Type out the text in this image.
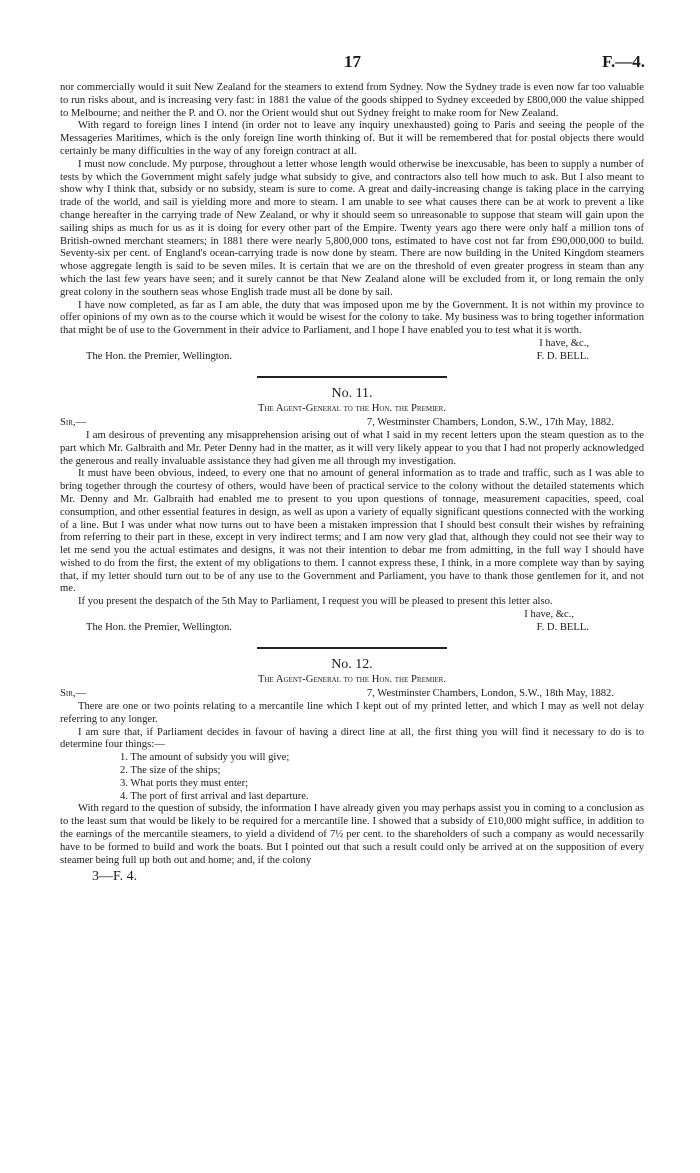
17	F.—4.

nor commercially would it suit New Zealand for the steamers to extend from Sydney. Now the Sydney trade is even now far too valuable to run risks about, and is increasing very fast: in 1881 the value of the goods shipped to Sydney exceeded by £800,000 the value shipped to Melbourne; and neither the P. and O. nor the Orient would shut out Sydney freight to make room for New Zealand.

With regard to foreign lines I intend (in order not to leave any inquiry unexhausted) going to Paris and seeing the people of the Messageries Maritimes, which is the only foreign line worth thinking of. But it will be remembered that for postal objects there would certainly be many difficulties in the way of any foreign contract at all.

I must now conclude. My purpose, throughout a letter whose length would otherwise be inexcusable, has been to supply a number of tests by which the Government might safely judge what subsidy to give, and contractors also tell how much to ask. But I also meant to show why I think that, subsidy or no subsidy, steam is sure to come. A great and daily-increasing change is taking place in the carrying trade of the world, and sail is yielding more and more to steam. I am unable to see what causes there can be at work to prevent a like change hereafter in the carrying trade of New Zealand, or why it should seem so unreasonable to suppose that steam will gain upon the sailing ships as much for us as it is doing for every other part of the Empire. Twenty years ago there were only half a million tons of British-owned merchant steamers; in 1881 there were nearly 5,800,000 tons, estimated to have cost not far from £90,000,000 to build. Seventy-six per cent. of England's ocean-carrying trade is now done by steam. There are now building in the United Kingdom steamers whose aggregate length is said to be seven miles. It is certain that we are on the threshold of even greater progress in steam than any which the last few years have seen; and it surely cannot be that New Zealand alone will be excluded from it, or long remain the only great colony in the southern seas whose English trade must all be done by sail.

I have now completed, as far as I am able, the duty that was imposed upon me by the Government. It is not within my province to offer opinions of my own as to the course which it would be wisest for the colony to take. My business was to bring together information that might be of use to the Government in their advice to Parliament, and I hope I have enabled you to test what it is worth.

I have, &c.,
The Hon. the Premier, Wellington.	F. D. BELL.
No. 11.
The Agent-General to the Hon. the Premier.
Sir,—	7, Westminster Chambers, London, S.W., 17th May, 1882.

I am desirous of preventing any misapprehension arising out of what I said in my recent letters upon the steam question as to the part which Mr. Galbraith and Mr. Peter Denny had in the matter, as it will very likely appear to you that I had not properly acknowledged the generous and really invaluable assistance they had given me all through my investigation.

It must have been obvious, indeed, to every one that no amount of general information as to trade and traffic, such as I was able to bring together through the courtesy of others, would have been of practical service to the colony without the detailed statements which Mr. Denny and Mr. Galbraith had enabled me to present to you upon questions of tonnage, measurement capacities, speed, coal consumption, and other essential features in design, as well as upon a variety of equally significant questions connected with the working of a line. But I was under what now turns out to have been a mistaken impression that I should best consult their wishes by refraining from referring to their part in these, except in very indirect terms; and I am now very glad that, although they could not see their way to let me send you the actual estimates and designs, it was not their intention to debar me from admitting, in the full way I should have wished to do from the first, the extent of my obligations to them. I cannot express these, I think, in a more complete way than by saying that, if my letter should turn out to be of any use to the Government and Parliament, you have to thank those gentlemen for it, and not me.

If you present the despatch of the 5th May to Parliament, I request you will be pleased to present this letter also.

I have, &c.,
The Hon. the Premier, Wellington.	F. D. BELL.
No. 12.
The Agent-General to the Hon. the Premier.
Sir,—	7, Westminster Chambers, London, S.W., 18th May, 1882.

There are one or two points relating to a mercantile line which I kept out of my printed letter, and which I may as well not delay referring to any longer.

I am sure that, if Parliament decides in favour of having a direct line at all, the first thing you will find it necessary to do is to determine four things:—

1. The amount of subsidy you will give;
2. The size of the ships;
3. What ports they must enter;
4. The port of first arrival and last departure.

With regard to the question of subsidy, the information I have already given you may perhaps assist you in coming to a conclusion as to the least sum that would be likely to be required for a mercantile line. I showed that a subsidy of £10,000 might suffice, in addition to the earnings of the mercantile steamers, to yield a dividend of 7½ per cent. to the shareholders of such a company as would necessarily have to be formed to build and work the boats. But I pointed out that such a result could only be arrived at on the supposition of every steamer being full up both out and home; and, if the colony

3—F. 4.
